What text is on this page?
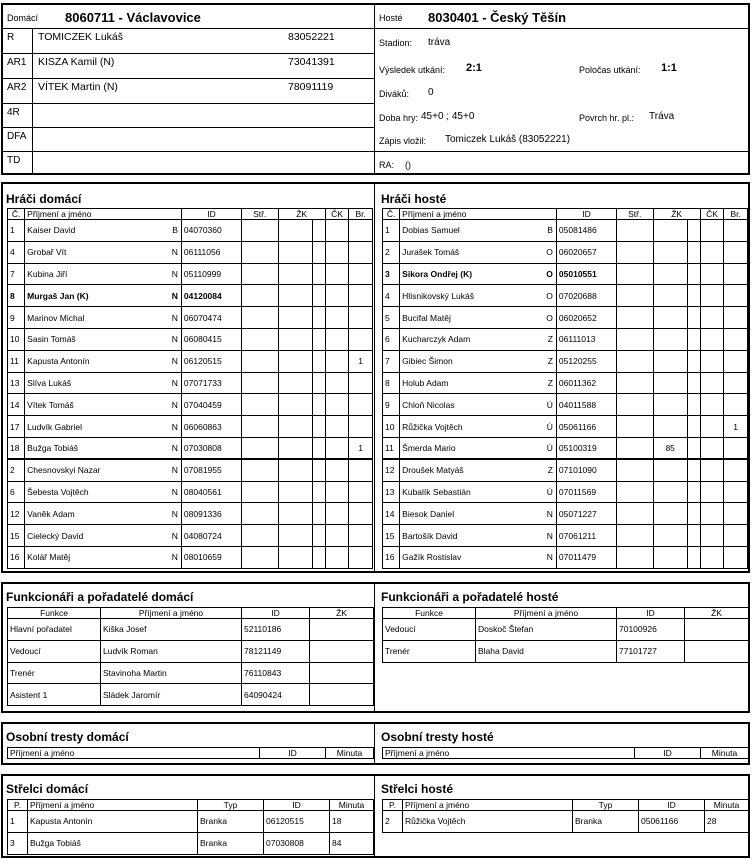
Domácí 8060711 - Václavovice	Hosté 8030401 - Český Těšín
R TOMICZEK Lukáš	83052221
AR1 KISZA Kamil (N)	73041391
AR2 VÍTEK Martin (N)	78091119
4R
DFA
TD
Stadion: tráva
Výsledek utkání: 2:1	Poločas utkání: 1:1
Diváků: 0
Doba hry: 45+0 ; 45+0	Povrch hr. pl.: Tráva
Zápis vložil: Tomiczek Lukáš (83052221)
RA: ()
Hráči domácí	Hráči hosté
Č.	Příjmení a jméno	ID	Stř.	ŽK		ČK	Br.
1	Kaiser David B	04070360					
4	Grobař Vít N	06111056					
7	Kubina Jiří N	05110999					
8	Murgaš Jan (K) N	04120084					
9	Marinov Michal N	06070474					
10	Sasin Tomáš N	06080415					
11	Kapusta Antonín N	06120515					1
13	Slíva Lukáš N	07071733					
14	Vítek Tomáš N	07040459					
17	Ludvík Gabriel N	06060863					
18	Bužga Tobiáš N	07030808					1
2	Chesnovskyi Nazar N	07081955					
6	Šebesta Vojtěch N	08040561					
12	Vaněk Adam N	08091336					
15	Cielecký David N	04080724					
16	Kolář Matěj N	08010659					
Č.	Příjmení a jméno	ID	Stř.	ŽK		ČK	Br.
1	Dobias Samuel B	05081486					
2	Jurašek Tomáš O	06020657					
3	Sikora Ondřej (K) O	05010551					
4	Hlisnikovský Lukáš O	07020688					
5	Bucifal Matěj O	06020652					
6	Kucharczyk Adam Z	06111013					
7	Gibiec Šimon Z	05120255					
8	Holub Adam Z	06011362					
9	Chloň Nicolas Ú	04011588					
10	Růžička Vojtěch Ú	05061166					1
11	Šmerda Mario Ú	05100319		85			
12	Droušek Matyáš Z	07101090					
13	Kubalík Sebastián Ú	07011569					
14	Biesok Daniel N	05071227					
15	Bartošík David N	07061211					
16	Gažík Rostislav N	07011479					
Funkcionáři a pořadatelé domácí	Funkcionáři a pořadatelé hosté
Funkce	Příjmení a jméno	ID	ŽK
Hlavní pořadatel	Kiška Josef	52110186	
Vedoucí	Ludvík Roman	78121149	
Trenér	Stavinoha Martin	76110843	
Asistent 1	Sládek Jaromír	64090424	
Funkce	Příjmení a jméno	ID	ŽK
Vedoucí	Doskoč Štefan	70100926	
Trenér	Blaha David	77101727	
Osobní tresty domácí	Osobní tresty hosté
Příjmení a jméno	ID	Minuta	Příjmení a jméno	ID	Minuta
Střelci domácí	Střelci hosté
P.	Příjmení a jméno	Typ	ID	Minuta
1	Kapusta Antonín	Branka	06120515	18
3	Bužga Tobiáš	Branka	07030808	84
P.	Příjmení a jméno	Typ	ID	Minuta
2	Růžička Vojtěch	Branka	05061166	28
